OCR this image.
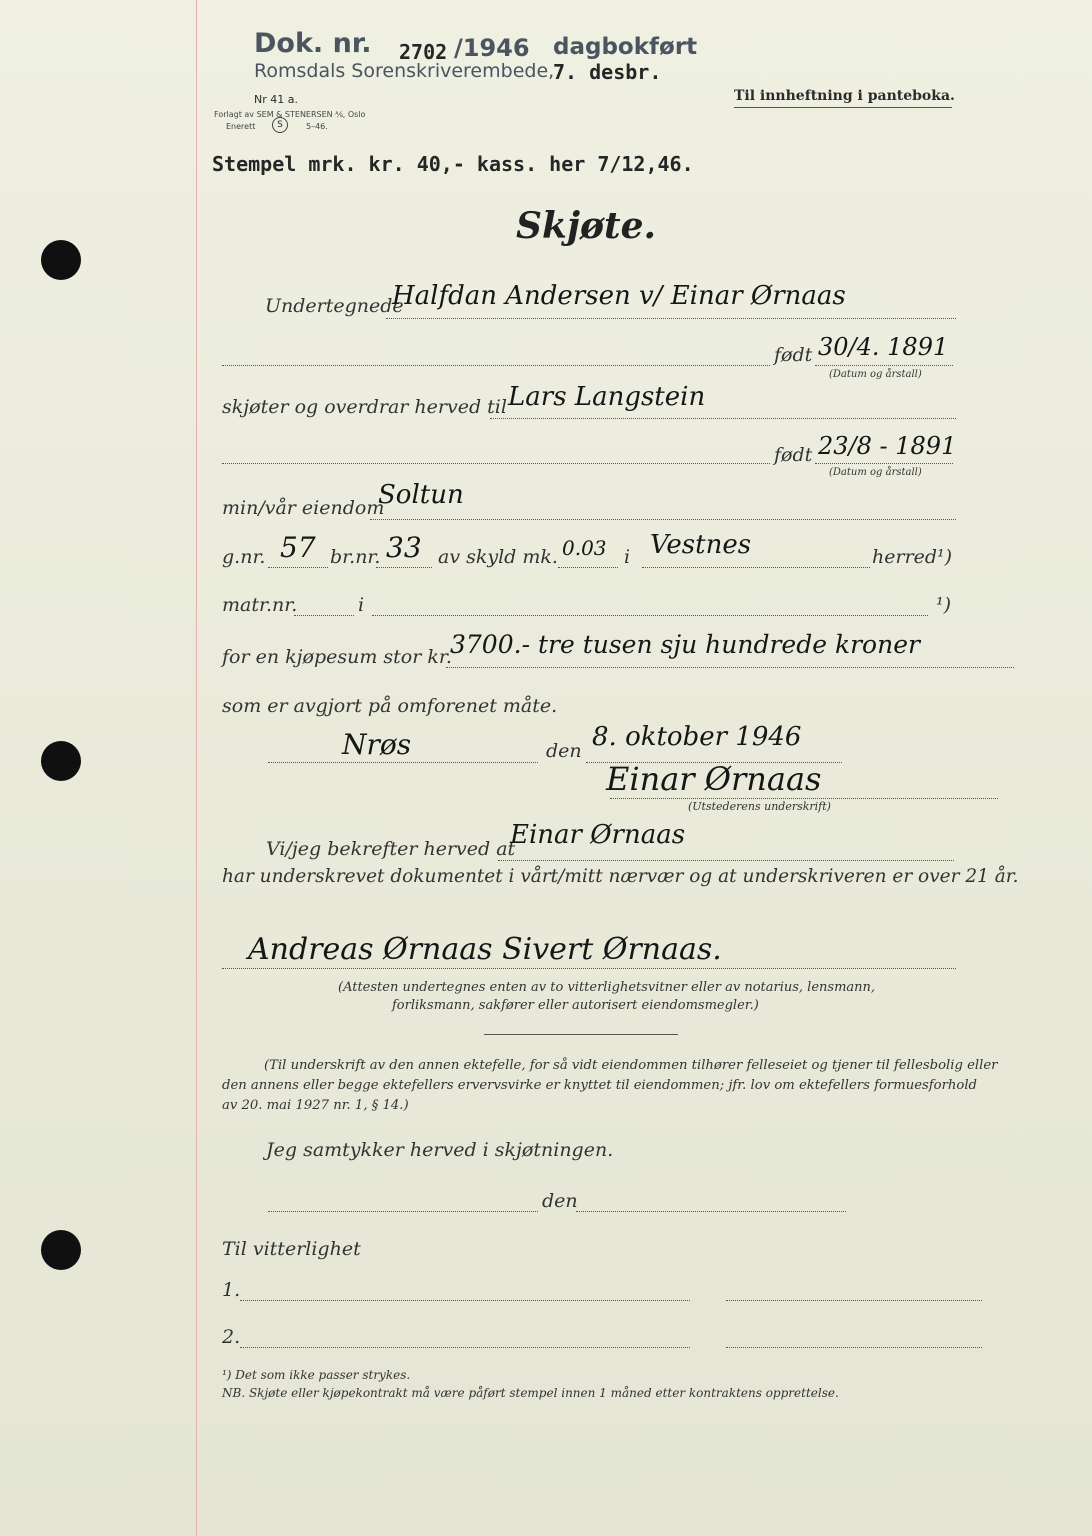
Dok. nr. 2702 /1946 dagbokført
Romsdals Sorenskriverembede,
7. desbr.
Nr 41 a.
Forlagt av SEM & STENERSEN ⅍, Oslo
Enerett	S	5–46.
Til innheftning i panteboka.
Stempel mrk. kr. 40,- kass. her 7/12,46.
Skjøte.
Undertegnede
Halfdan Andersen v/ Einar Ørnaas
født 30/4. 1891
(Datum og årstall)
skjøter og overdrar herved til Lars Langstein
født 23/8 - 1891
(Datum og årstall)
min/vår eiendom
Soltun
g.nr. 57 br.nr. 33 av skyld mk. 0.03 i Vestnes	herred¹)
matr.nr.	i	¹)
for en kjøpesum stor kr.
3700.- tre tusen sju hundrede kroner
som er avgjort på omforenet måte.
Nrøs	den 8. oktober 1946
Einar Ørnaas
(Utstederens underskrift)
Vi/jeg bekrefter herved at
Einar Ørnaas
har underskrevet dokumentet i vårt/mitt nærvær og at underskriveren er over 21 år.
Andreas Ørnaas Sivert Ørnaas.
(Attesten undertegnes enten av to vitterlighetsvitner eller av notarius, lensmann,
forliksmann, sakfører eller autorisert eiendomsmegler.)
(Til underskrift av den annen ektefelle, for så vidt eiendommen tilhører felleseiet og tjener til fellesbolig eller
den annens eller begge ektefellers ervervsvirke er knyttet til eiendommen; jfr. lov om ektefellers formuesforhold
av 20. mai 1927 nr. 1, § 14.)
Jeg samtykker herved i skjøtningen.
den
Til vitterlighet
1.
2.
¹) Det som ikke passer strykes.
NB. Skjøte eller kjøpekontrakt må være påført stempel innen 1 måned etter kontraktens opprettelse.
